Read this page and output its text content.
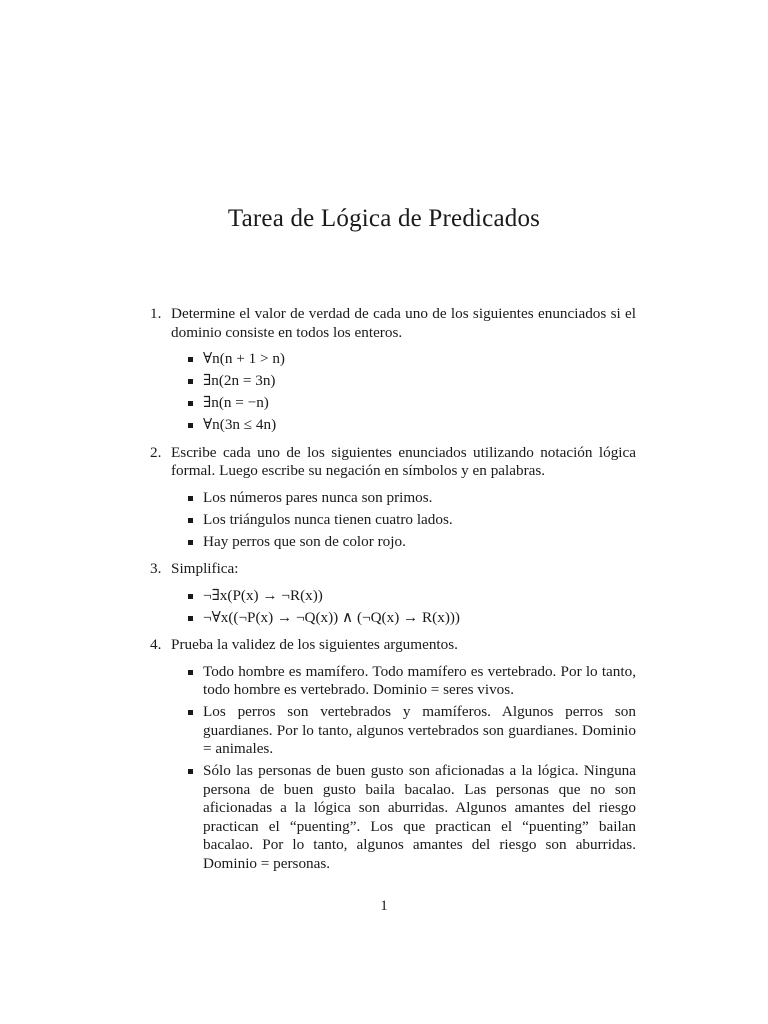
Tarea de Lógica de Predicados
1. Determine el valor de verdad de cada uno de los siguientes enunciados si el dominio consiste en todos los enteros.
∀n(n + 1 > n)
∃n(2n = 3n)
∃n(n = −n)
∀n(3n ≤ 4n)
2. Escribe cada uno de los siguientes enunciados utilizando notación lógica formal. Luego escribe su negación en símbolos y en palabras.
Los números pares nunca son primos.
Los triángulos nunca tienen cuatro lados.
Hay perros que son de color rojo.
3. Simplifica:
¬∃x(P(x) → ¬R(x))
¬∀x((¬P(x) → ¬Q(x)) ∧ (¬Q(x) → R(x)))
4. Prueba la validez de los siguientes argumentos.
Todo hombre es mamífero. Todo mamífero es vertebrado. Por lo tanto, todo hombre es vertebrado. Dominio = seres vivos.
Los perros son vertebrados y mamíferos. Algunos perros son guardianes. Por lo tanto, algunos vertebrados son guardianes. Dominio = animales.
Sólo las personas de buen gusto son aficionadas a la lógica. Ninguna persona de buen gusto baila bacalao. Las personas que no son aficionadas a la lógica son aburridas. Algunos amantes del riesgo practican el “puenting”. Los que practican el “puenting” bailan bacalao. Por lo tanto, algunos amantes del riesgo son aburridas. Dominio = personas.
1
